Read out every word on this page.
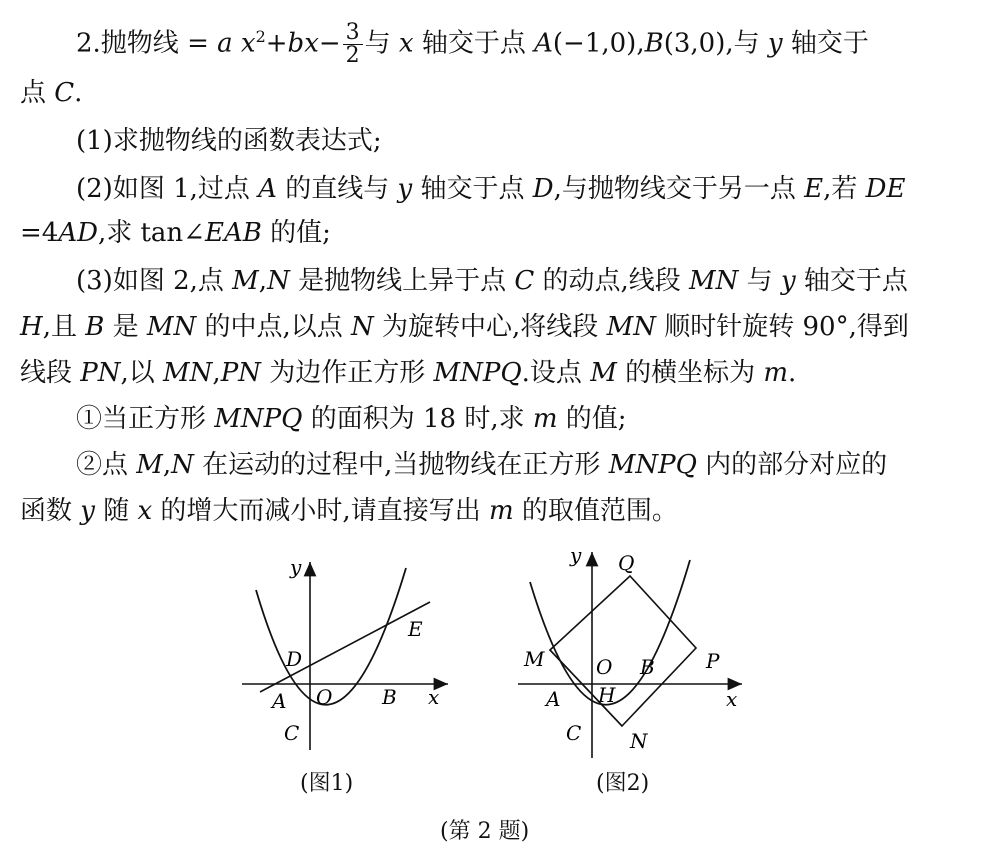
2.抛物线 = a $x^2+bx- \frac{3}{2}$ 与 x 轴交于点 A(−1,0),B(3,0),与 y 轴交于
点 C.
(1)求抛物线的函数表达式;
(2)如图 1,过点 A 的直线与 y 轴交于点 D,与抛物线交于另一点 E,若 DE
=4AD,求 tan∠EAB 的值;
(3)如图 2,点 M,N 是抛物线上异于点 C 的动点,线段 MN 与 y 轴交于点
H,且 B 是 MN 的中点,以点 N 为旋转中心,将线段 MN 顺时针旋转 90°,得到
线段 PN,以 MN,PN 为边作正方形 MNPQ.设点 M 的横坐标为 m.
①当正方形 MNPQ 的面积为 18 时,求 m 的值;
②点 M,N 在运动的过程中,当抛物线在正方形 MNPQ 内的部分对应的
函数 y 随 x 的增大而减小时,请直接写出 m 的取值范围。
y
E
D
A O B x
C
y Q
M	O B	P
H
A	x
C N
(图1)	(图2)
(第 2 题)
